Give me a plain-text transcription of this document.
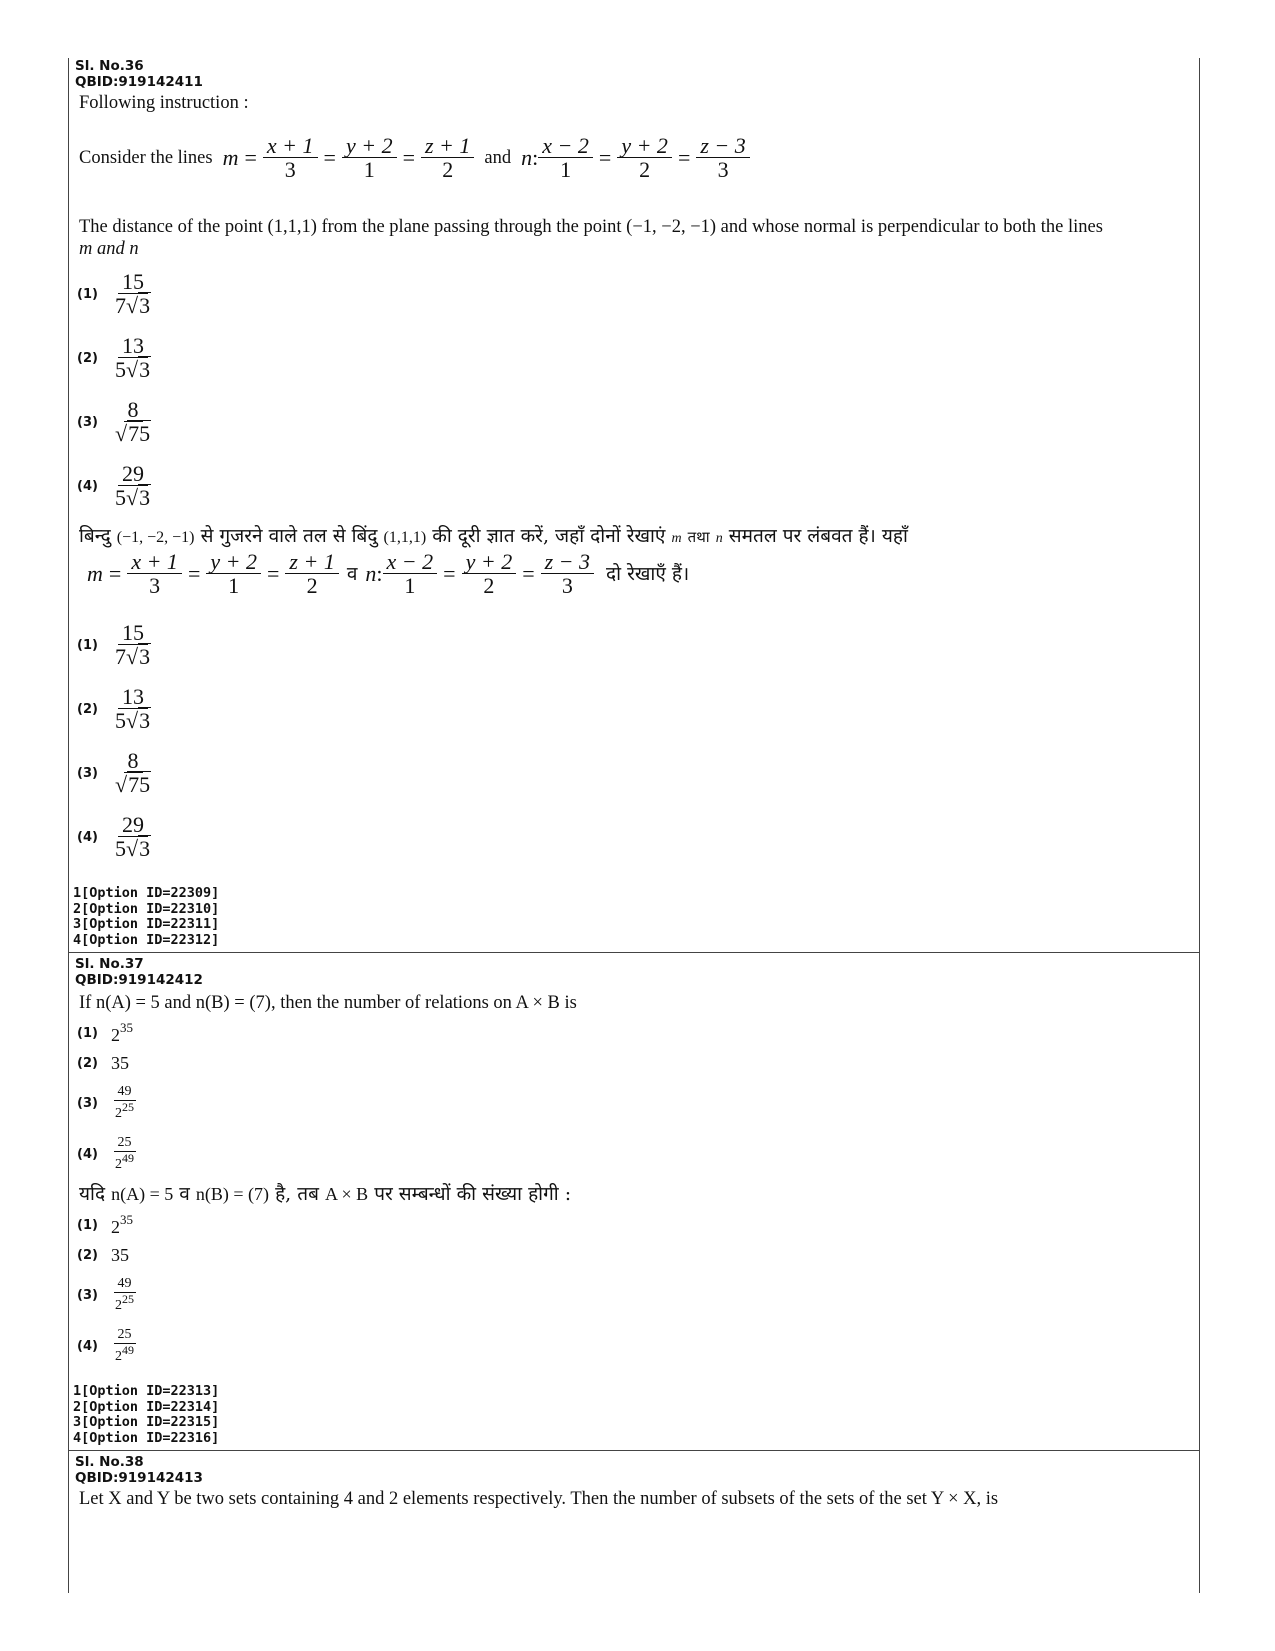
Sl. No.36
QBID:919142411
Following instruction :
Consider the lines $m = \frac{x + 1}{3} = \frac{y + 2}{1} = \frac{z + 1}{2}$ and n : $\frac{x - 2}{1} = \frac{y + 2}{2} = \frac{z - 3}{3}$
The distance of the point (1,1,1) from the plane passing through the point (−1, −2, −1) and whose normal is perpendicular to both the lines
m and n
$(1) \frac{15}{7√3}$
$(2) \frac{13}{5√3}$
$(3) \frac{8}{√75}$
$(4) \frac{29}{5√3}$
बिन्दु (−1, −2, −1) से गुजरने वाले तल से बिंदु (1,1,1) की दूरी ज्ञात करें, जहाँ दोनों रेखाएं m तथा n समतल पर लंबवत हैं। यहाँ
$m = \frac{x + 1}{3} = \frac{y + 2}{1} = \frac{z + 1}{2}$ व n : $\frac{x - 2}{1} = \frac{y + 2}{2} = \frac{z - 3}{3}$ दो रेखाएँ हैं।
$(1) \frac{15}{7√3}$
$(2) \frac{13}{5√3}$
$(3) \frac{8}{√75}$
$(4) \frac{29}{5√3}$
1[Option ID=22309]
2[Option ID=22310]
3[Option ID=22311]
4[Option ID=22312]
Sl. No.37
QBID:919142412
If n(A) = 5 and n(B) = (7), then the number of relations on A × B is
(1) $2^{35}$
(2) 35
$(3) \frac{49}{225}$
$(4) \frac{25}{249}$
यदि n(A) = 5 व n(B) = (7) है, तब A × B पर सम्बन्धों की संख्या होगी :
(1) $2^{35}$
(2) 35
$(3) \frac{49}{225}$
$(4) \frac{25}{249}$
1[Option ID=22313]
2[Option ID=22314]
3[Option ID=22315]
4[Option ID=22316]
Sl. No.38
QBID:919142413
Let X and Y be two sets containing 4 and 2 elements respectively. Then the number of subsets of the sets of the set Y × X, is
